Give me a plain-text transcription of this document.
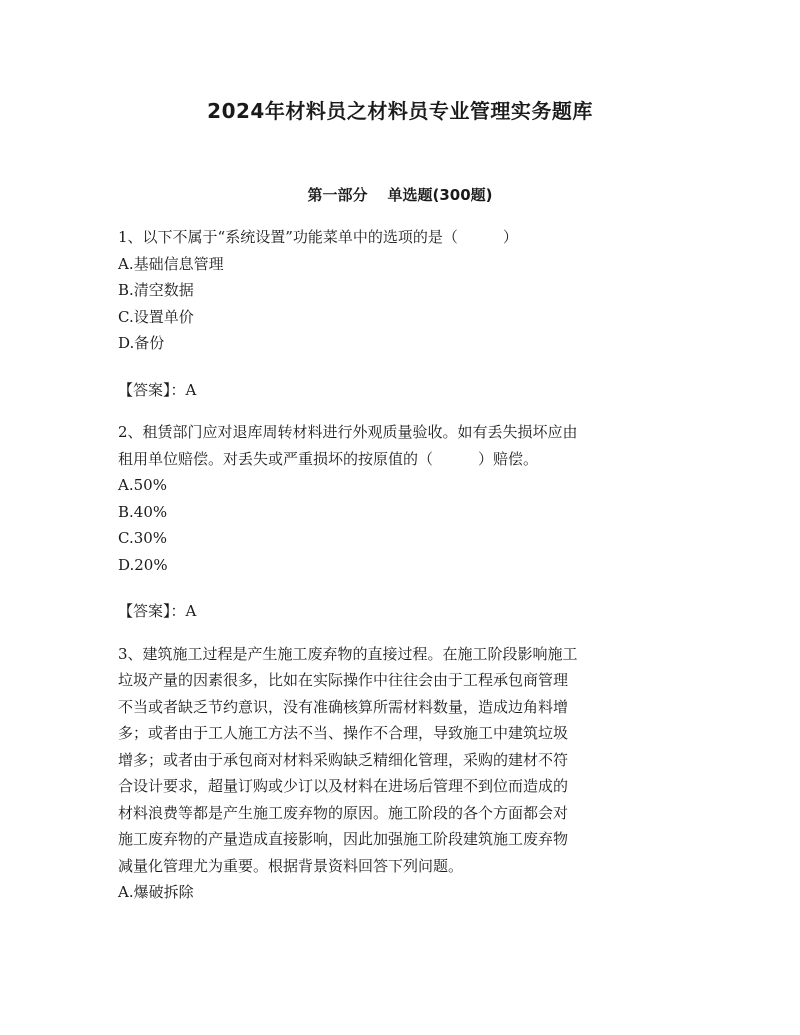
2024年材料员之材料员专业管理实务题库
第一部分 单选题(300题)
1、以下不属于“系统设置”功能菜单中的选项的是（　　　）
A.基础信息管理
B.清空数据
C.设置单价
D.备份
【答案】：A
2、租赁部门应对退库周转材料进行外观质量验收。如有丢失损坏应由
租用单位赔偿。对丢失或严重损坏的按原值的（　　　）赔偿。
A.50%
B.40%
C.30%
D.20%
【答案】：A
3、建筑施工过程是产生施工废弃物的直接过程。在施工阶段影响施工
垃圾产量的因素很多，比如在实际操作中往往会由于工程承包商管理
不当或者缺乏节约意识，没有准确核算所需材料数量，造成边角料增
多；或者由于工人施工方法不当、操作不合理，导致施工中建筑垃圾
增多；或者由于承包商对材料采购缺乏精细化管理，采购的建材不符
合设计要求，超量订购或少订以及材料在进场后管理不到位而造成的
材料浪费等都是产生施工废弃物的原因。施工阶段的各个方面都会对
施工废弃物的产量造成直接影响，因此加强施工阶段建筑施工废弃物
减量化管理尤为重要。根据背景资料回答下列问题。
A.爆破拆除
